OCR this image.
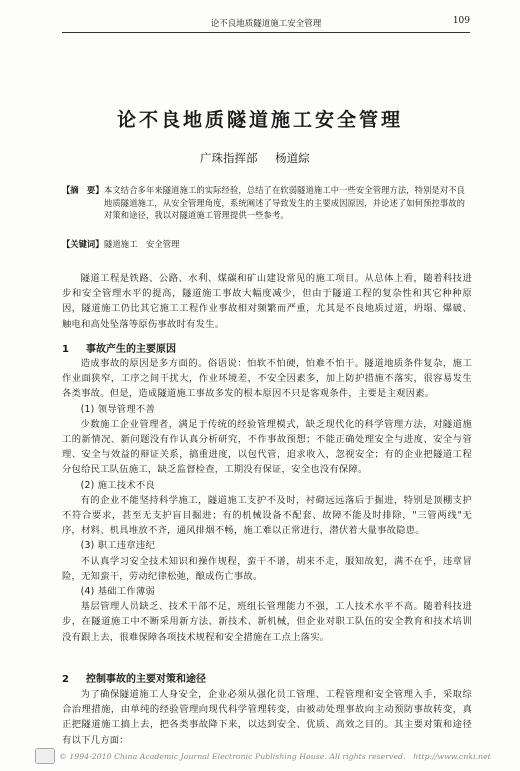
论不良地质隧道施工安全管理	109
论不良地质隧道施工安全管理
广珠指挥部 杨道綜
【摘　要】 本文结合多年来隧道施工的实际经验，总结了在软弱隧道施工中一些安全管理方法，特别是对不良地质隧道施工，从安全管理角度，系统阐述了导致发生的主要成因原因，并论述了如何预控事故的对策和途径，我以对隧道施工管理提供一些参考。
【关键词】 隧道施工　安全管理

隧道工程是铁路、公路、水利、煤碳和矿山建设常见的施工项目。从总体上看，随着科技进步和安全管理水平的提高，隧道施工事故大幅度减少，但由于隧道工程的复杂性和其它种种原因，隧道施工仍比其它施工工程作业事故相对频繁而严重，尤其是不良地质过道，坍塌、爆破、触电和高处坠落等原伤事故时有发生。

1 事故产生的主要原因

造成事故的原因是多方面的。俗语说：怕软不怕硬，怕难不怕干。隧道地质条件复杂，施工作业面狭窄，工序之间干扰大，作业环境差，不安全因素多，加上防护措施不落实，很容易发生各类事故。但是，造成隧道施工事故多发的根本原因不只是客观条件，主要是主观因素。

(1) 领导管理不善

少数施工企业管理者，满足于传统的经验管理模式，缺乏现代化的科学管理方法，对隧道施工的新情况、新问题没有作认真分析研究，不作事故预想；不能正确处理安全与进度、安全与管理、安全与效益的辩证关系，搞重进度，以包代管，追求收入，忽视安全；有的企业把隧道工程分包给民工队伍施工，缺乏监督检查，工期没有保证，安全也没有保障。

(2) 施工技术不良

有的企业不能坚持科学施工，隧道施工支护不及时，衬砌远远落后于掘进，特别是顶棚支护不符合要求，甚至无支护盲目掘进；有的机械设备不配套、故障不能及时排除，"三管两线"无序，材料、机具堆放不齐，通风排烟不畅，施工难以正常进行，潜伏着大量事故隐患。

(3) 职工违章违纪

不认真学习安全技术知识和操作规程，蛮干不谱，胡来不走，服知故犯，满不在乎，违章冒险，无知蛮干，劳动纪律松弛，酿成伤亡事故。

(4) 基础工作薄弱

基层管理人员缺乏、技术干部不足，班组长管理能力不强，工人技术水平不高。随着科技进步，在隧道施工中不断采用新方法、新技术、新机械，但企业对职工队伍的安全教育和技术培训没有跟上去，很难保障各项技术规程和安全措施在工点上落实。

2 控制事故的主要对策和途径

为了确保隧道施工人身安全，企业必须从强化员工管理、工程管理和安全管理入手，采取综合治理措施，由单纯的经验管理向现代科学管理转变，由被动处理事故向主动预防事故转变，真正把隧道施工搞上去，把各类事故降下来，以达到安全、优质、高效之目的。其主要对策和途径有以下几方面：

© 1994-2010 China Academic Journal Electronic Publishing House. All rights reserved.　http://www.cnki.net
